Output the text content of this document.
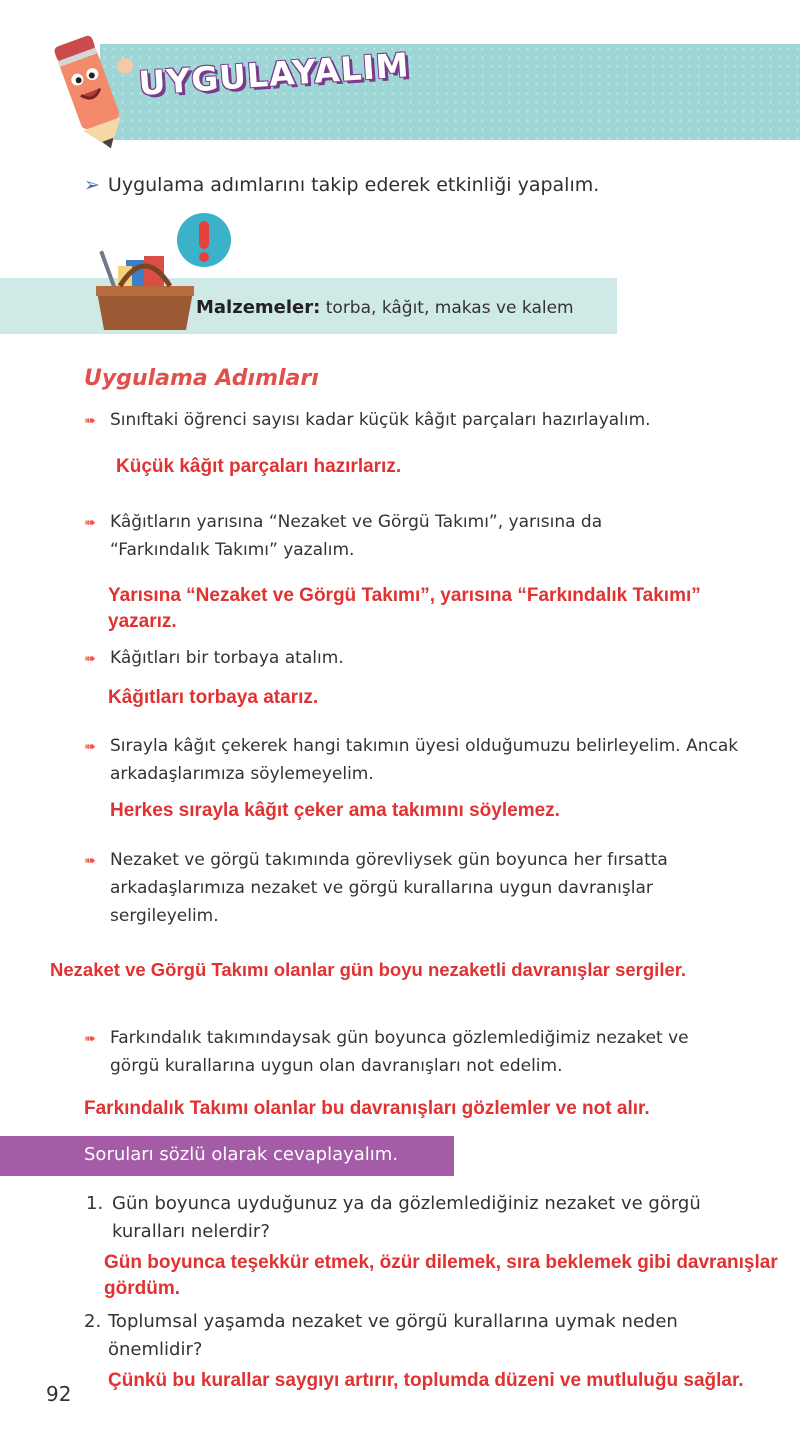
UYGULAYALIM
➢ Uygulama adımlarını takip ederek etkinliği yapalım.
Malzemeler: torba, kâğıt, makas ve kalem
Uygulama Adımları
➠ Sınıftaki öğrenci sayısı kadar küçük kâğıt parçaları hazırlayalım.
Küçük kâğıt parçaları hazırlarız.
➠ Kâğıtların yarısına “Nezaket ve Görgü Takımı”, yarısına da “Farkındalık Takımı” yazalım.
Yarısına “Nezaket ve Görgü Takımı”, yarısına “Farkındalık Takımı” yazarız.
➠ Kâğıtları bir torbaya atalım.
Kâğıtları torbaya atarız.
➠ Sırayla kâğıt çekerek hangi takımın üyesi olduğumuzu belirleyelim. Ancak arkadaşlarımıza söylemeyelim.
Herkes sırayla kâğıt çeker ama takımını söylemez.
➠ Nezaket ve görgü takımında görevliysek gün boyunca her fırsatta arkadaşlarımıza nezaket ve görgü kurallarına uygun davranışlar sergileyelim.
Nezaket ve Görgü Takımı olanlar gün boyu nezaketli davranışlar sergiler.
➠ Farkındalık takımındaysak gün boyunca gözlemlediğimiz nezaket ve görgü kurallarına uygun olan davranışları not edelim.
Farkındalık Takımı olanlar bu davranışları gözlemler ve not alır.
Soruları sözlü olarak cevaplayalım.
1. Gün boyunca uyduğunuz ya da gözlemlediğiniz nezaket ve görgü kuralları nelerdir?
Gün boyunca teşekkür etmek, özür dilemek, sıra beklemek gibi davranışlar gördüm.
2. Toplumsal yaşamda nezaket ve görgü kurallarına uymak neden önemlidir?
Çünkü bu kurallar saygıyı artırır, toplumda düzeni ve mutluluğu sağlar.
92
